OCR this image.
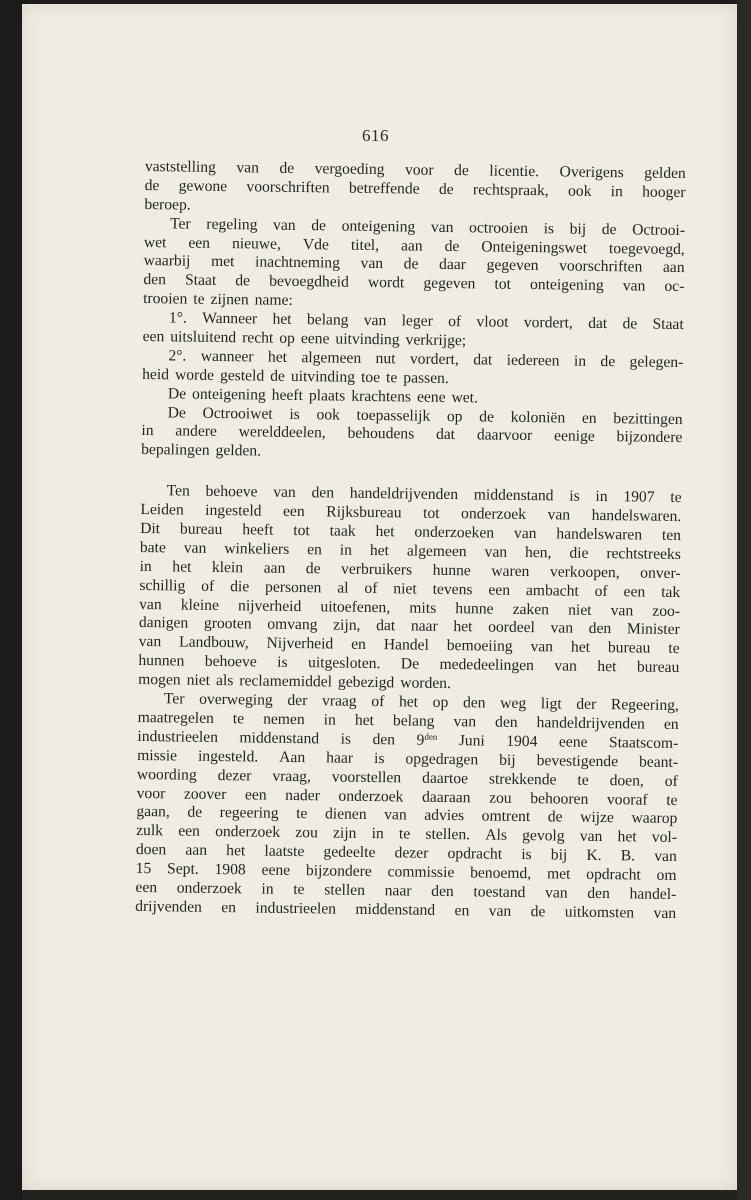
616
vaststelling van de vergoeding voor de licentie. Overigens gelden
de gewone voorschriften betreffende de rechtspraak, ook in hooger
beroep.
Ter regeling van de onteigening van octrooien is bij de Octrooi-
wet een nieuwe, Vde titel, aan de Onteigeningswet toegevoegd,
waarbij met inachtneming van de daar gegeven voorschriften aan
den Staat de bevoegdheid wordt gegeven tot onteigening van oc-
trooien te zijnen name:
1°. Wanneer het belang van leger of vloot vordert, dat de Staat
een uitsluitend recht op eene uitvinding verkrijge;
2°. wanneer het algemeen nut vordert, dat iedereen in de gelegen-
heid worde gesteld de uitvinding toe te passen.
De onteigening heeft plaats krachtens eene wet.
De Octrooiwet is ook toepasselijk op de koloniën en bezittingen
in andere werelddeelen, behoudens dat daarvoor eenige bijzondere
bepalingen gelden.
Ten behoeve van den handeldrijvenden middenstand is in 1907 te
Leiden ingesteld een Rijksbureau tot onderzoek van handelswaren.
Dit bureau heeft tot taak het onderzoeken van handelswaren ten
bate van winkeliers en in het algemeen van hen, die rechtstreeks
in het klein aan de verbruikers hunne waren verkoopen, onver-
schillig of die personen al of niet tevens een ambacht of een tak
van kleine nijverheid uitoefenen, mits hunne zaken niet van zoo-
danigen grooten omvang zijn, dat naar het oordeel van den Minister
van Landbouw, Nijverheid en Handel bemoeiing van het bureau te
hunnen behoeve is uitgesloten. De mededeelingen van het bureau
mogen niet als reclamemiddel gebezigd worden.
Ter overweging der vraag of het op den weg ligt der Regeering,
maatregelen te nemen in het belang van den handeldrijvenden en
industrieelen middenstand is den $9^{den}$ Juni 1904 eene Staatscom-
missie ingesteld. Aan haar is opgedragen bij bevestigende beant-
woording dezer vraag, voorstellen daartoe strekkende te doen, of
voor zoover een nader onderzoek daaraan zou behooren vooraf te
gaan, de regeering te dienen van advies omtrent de wijze waarop
zulk een onderzoek zou zijn in te stellen. Als gevolg van het vol-
doen aan het laatste gedeelte dezer opdracht is bij K. B. van
15 Sept. 1908 eene bijzondere commissie benoemd, met opdracht om
een onderzoek in te stellen naar den toestand van den handel-
drijvenden en industrieelen middenstand en van de uitkomsten van
